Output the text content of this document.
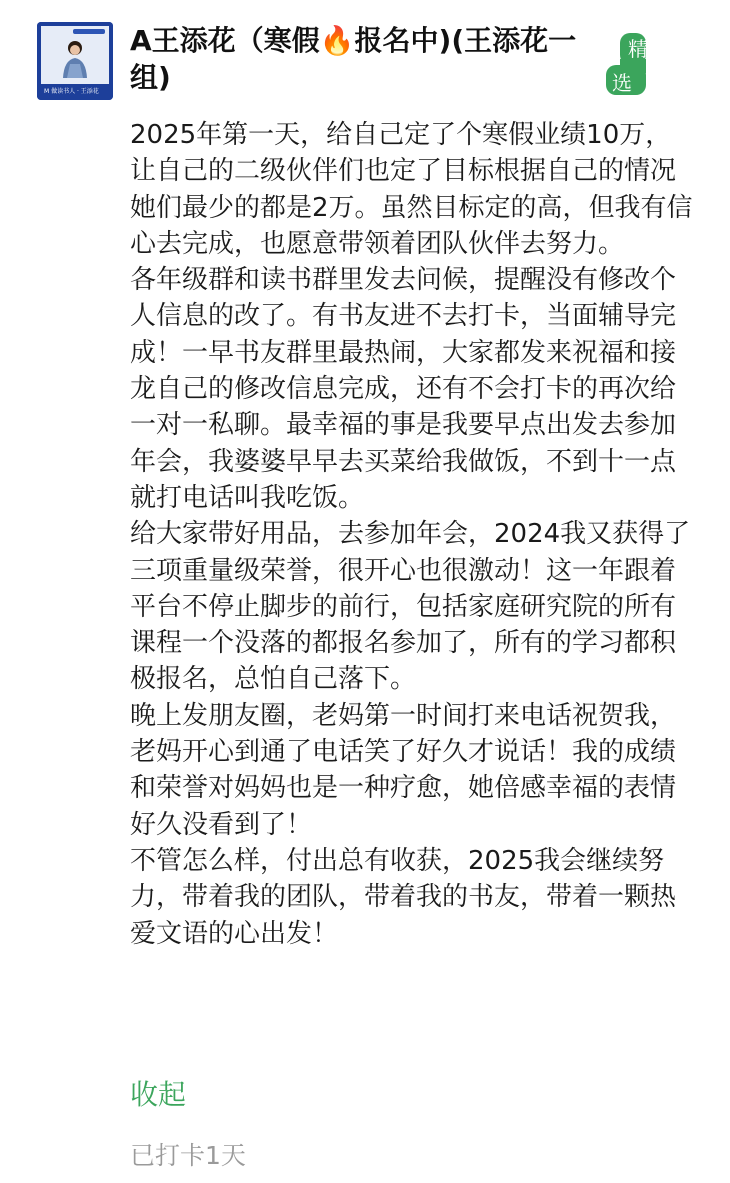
M 做读书人 · 王添花
A王添花（寒假🔥报名中)(王添花一组)
精
选

2025年第一天，给自己定了个寒假业绩10万，让自己的二级伙伴们也定了目标根据自己的情况她们最少的都是2万。虽然目标定的高，但我有信心去完成，也愿意带领着团队伙伴去努力。

各年级群和读书群里发去问候，提醒没有修改个人信息的改了。有书友进不去打卡，当面辅导完成！一早书友群里最热闹，大家都发来祝福和接龙自己的修改信息完成，还有不会打卡的再次给一对一私聊。最幸福的事是我要早点出发去参加年会，我婆婆早早去买菜给我做饭，不到十一点就打电话叫我吃饭。

给大家带好用品，去参加年会，2024我又获得了三项重量级荣誉，很开心也很激动！这一年跟着平台不停止脚步的前行，包括家庭研究院的所有课程一个没落的都报名参加了，所有的学习都积极报名，总怕自己落下。

晚上发朋友圈，老妈第一时间打来电话祝贺我，老妈开心到通了电话笑了好久才说话！我的成绩和荣誉对妈妈也是一种疗愈，她倍感幸福的表情好久没看到了！

不管怎么样，付出总有收获，2025我会继续努力，带着我的团队，带着我的书友，带着一颗热爱文语的心出发！

收起
已打卡1天
